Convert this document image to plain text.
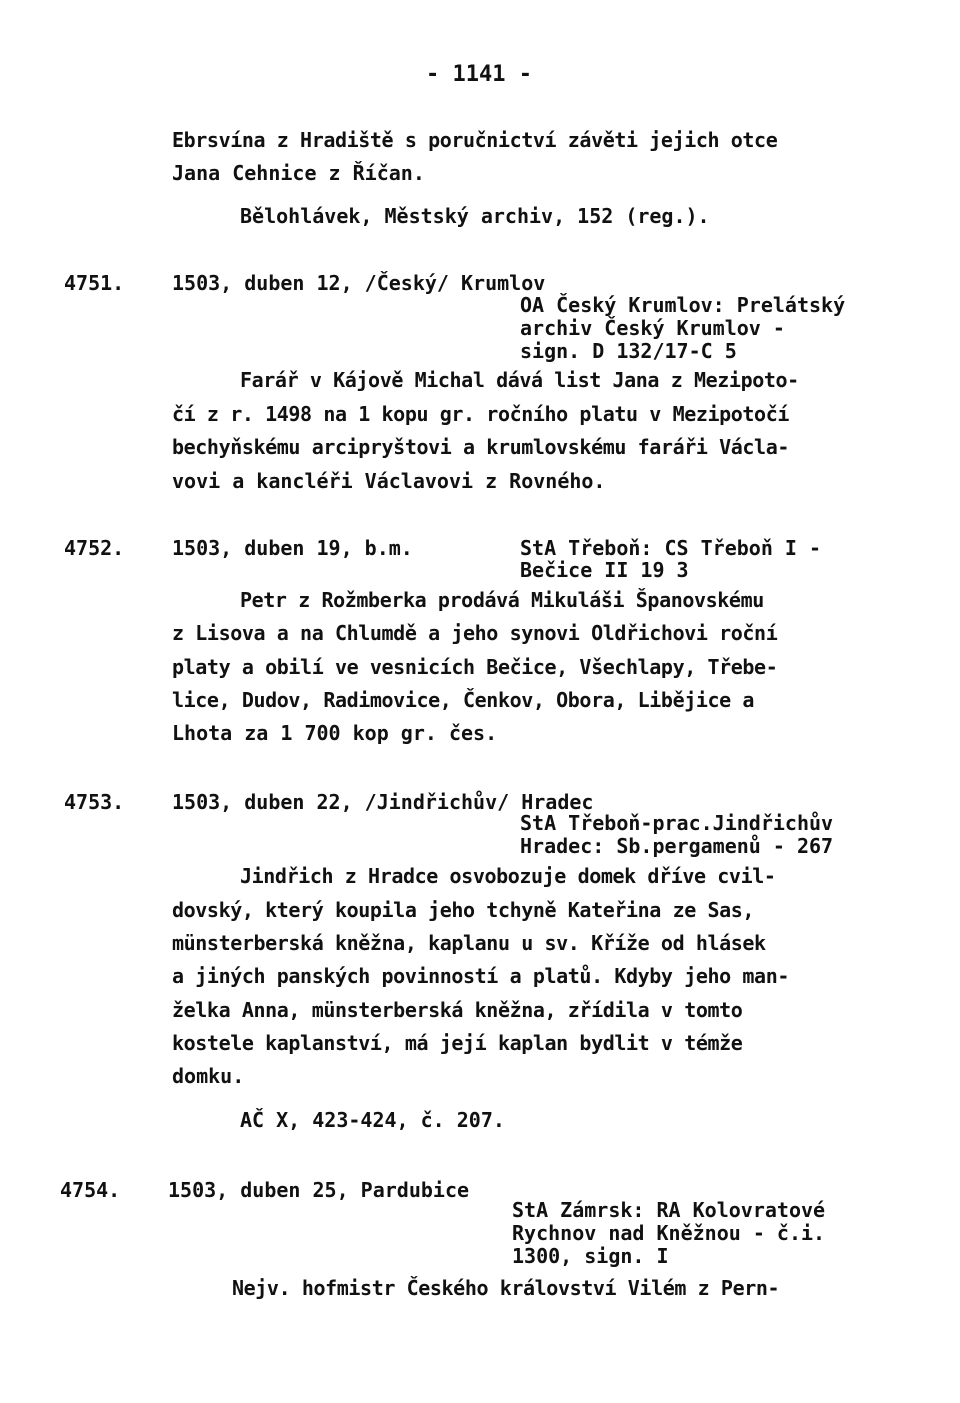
- 1141 -
Ebrsvína z Hradiště s poručnictví závěti jejich otce
Jana Cehnice z Říčan.
Bělohlávek, Městský archiv, 152 (reg.).
4751. 1503, duben 12, /Český/ Krumlov
OA Český Krumlov: Prelátský
archiv Český Krumlov -
sign. D 132/17-C 5
Farář v Kájově Michal dává list Jana z Mezipoto-
čí z r. 1498 na 1 kopu gr. ročního platu v Mezipotočí
bechyňskému arcipryštovi a krumlovskému faráři Václa-
vovi a kancléři Václavovi z Rovného.
4752. 1503, duben 19, b.m.	StA Třeboň: CS Třeboň I -
Bečice II 19 3
Petr z Rožmberka prodává Mikuláši Španovskému
z Lisova a na Chlumdě a jeho synovi Oldřichovi roční
platy a obilí ve vesnicích Bečice, Všechlapy, Třebe-
lice, Dudov, Radimovice, Čenkov, Obora, Liběјice a
Lhota za 1 700 kop gr. čes.
4753. 1503, duben 22, /Jindřichův/ Hradec
StA Třeboň-prac.Jindřichův
Hradec: Sb.pergamenů - 267
Jindřich z Hradce osvobozuje domek dříve cvil-
dovský, který koupila jeho tchyně Kateřina ze Sas,
münsterberská kněžna, kaplanu u sv. Kříže od hlásek
a jiných panských povinností a platů. Kdyby jeho man-
želka Anna, münsterberská kněžna, zřídila v tomto
kostele kaplanství, má její kaplan bydlit v témže
domku.
AČ X, 423-424, č. 207.
4754. 1503, duben 25, Pardubice
StA Zámrsk: RA Kolovratové
Rychnov nad Kněžnou - č.i.
1300, sign. I
Nejv. hofmistr Českého království Vilém z Pern-
